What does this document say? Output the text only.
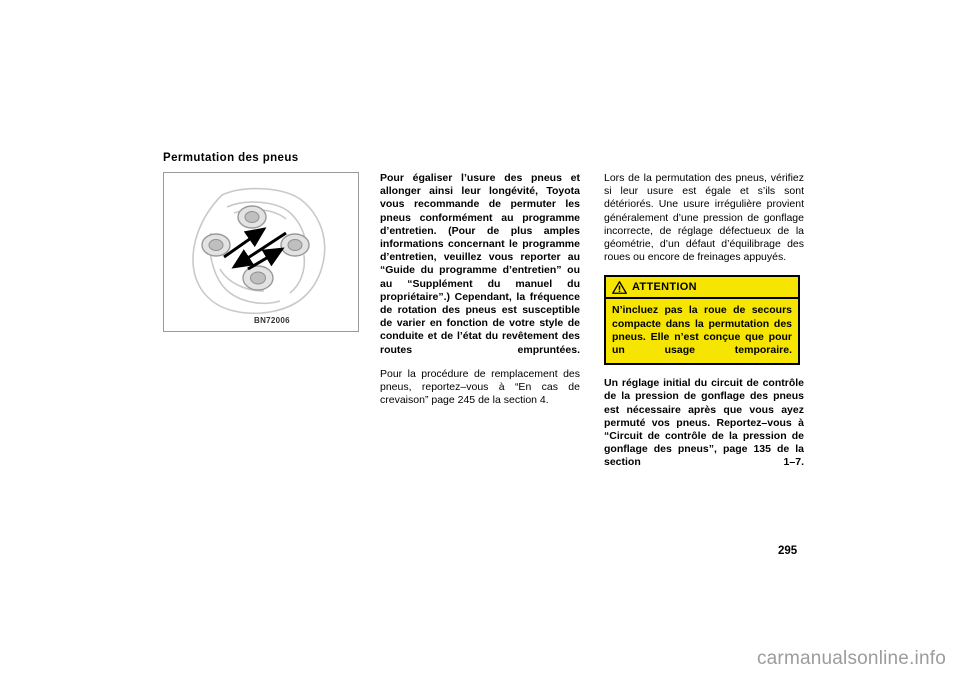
Permutation des pneus
BN72006

Pour égaliser l’usure des pneus et allonger ainsi leur longévité, Toyota vous recommande de permuter les pneus conformément au programme d’entretien. (Pour de plus amples informations concernant le programme d’entretien, veuillez vous reporter au “Guide du programme d’entretien” ou au “Supplément du manuel du propriétaire”.) Cependant, la fréquence de rotation des pneus est susceptible de varier en fonction de votre style de conduite et de l’état du revêtement des routes empruntées.

Pour la procédure de remplacement des pneus, reportez–vous à “En cas de crevaison” page 245 de la section 4.

Lors de la permutation des pneus, vérifiez si leur usure est égale et s’ils sont détériorés. Une usure irrégulière provient généralement d’une pression de gonflage incorrecte, de réglage défectueux de la géométrie, d’un défaut d’équilibrage des roues ou encore de freinages appuyés.

ATTENTION
N’incluez pas la roue de secours compacte dans la permutation des pneus. Elle n’est conçue que pour un usage temporaire.

Un réglage initial du circuit de contrôle de la pression de gonflage des pneus est nécessaire après que vous ayez permuté vos pneus. Reportez–vous à “Circuit de contrôle de la pression de gonflage des pneus”, page 135 de la section 1–7.

295
carmanualsonline.info
